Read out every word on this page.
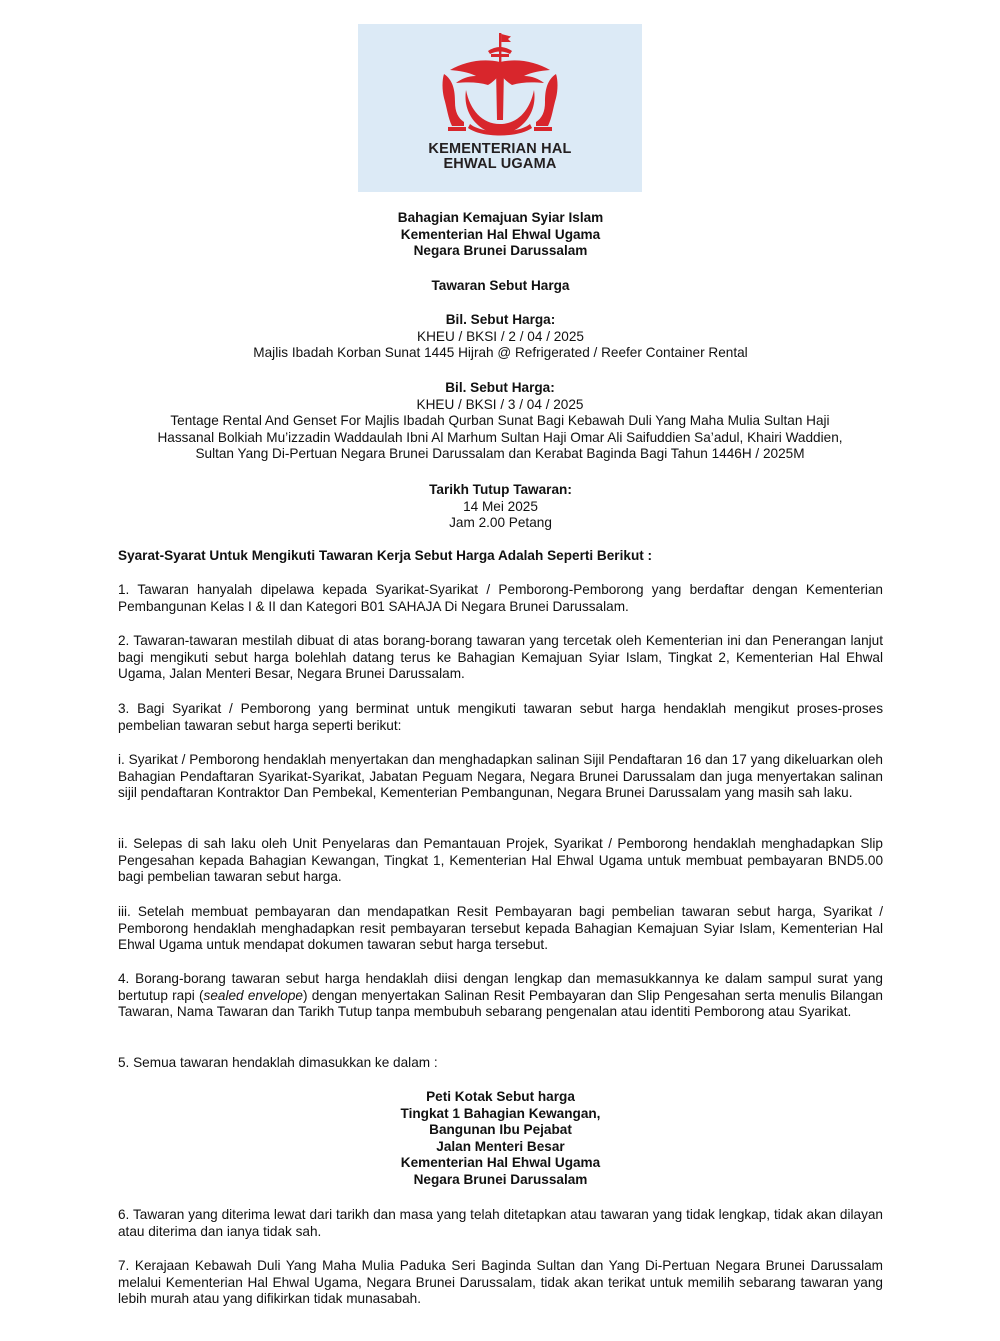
KEMENTERIAN HAL
EHWAL UGAMA
Bahagian Kemajuan Syiar Islam
Kementerian Hal Ehwal Ugama
Negara Brunei Darussalam
Tawaran Sebut Harga
Bil. Sebut Harga:
KHEU / BKSI / 2 / 04 / 2025
Majlis Ibadah Korban Sunat 1445 Hijrah @ Refrigerated / Reefer Container Rental
Bil. Sebut Harga:
KHEU / BKSI / 3 / 04 / 2025
Tentage Rental And Genset For Majlis Ibadah Qurban Sunat Bagi Kebawah Duli Yang Maha Mulia Sultan Haji
Hassanal Bolkiah Mu’izzadin Waddaulah Ibni Al Marhum Sultan Haji Omar Ali Saifuddien Sa’adul, Khairi Waddien,
Sultan Yang Di-Pertuan Negara Brunei Darussalam dan Kerabat Baginda Bagi Tahun 1446H / 2025M
Tarikh Tutup Tawaran:
14 Mei 2025
Jam 2.00 Petang
Syarat-Syarat Untuk Mengikuti Tawaran Kerja Sebut Harga Adalah Seperti Berikut :

1. Tawaran hanyalah dipelawa kepada Syarikat-Syarikat / Pemborong-Pemborong yang berdaftar dengan Kementerian Pembangunan Kelas I & II dan Kategori B01 SAHAJA Di Negara Brunei Darussalam.

2. Tawaran-tawaran mestilah dibuat di atas borang-borang tawaran yang tercetak oleh Kementerian ini dan Penerangan lanjut bagi mengikuti sebut harga bolehlah datang terus ke Bahagian Kemajuan Syiar Islam, Tingkat 2, Kementerian Hal Ehwal Ugama, Jalan Menteri Besar, Negara Brunei Darussalam.

3. Bagi Syarikat / Pemborong yang berminat untuk mengikuti tawaran sebut harga hendaklah mengikut proses-proses pembelian tawaran sebut harga seperti berikut:

i. Syarikat / Pemborong hendaklah menyertakan dan menghadapkan salinan Sijil Pendaftaran 16 dan 17 yang dikeluarkan oleh Bahagian Pendaftaran Syarikat-Syarikat, Jabatan Peguam Negara, Negara Brunei Darussalam dan juga menyertakan salinan sijil pendaftaran Kontraktor Dan Pembekal, Kementerian Pembangunan, Negara Brunei Darussalam yang masih sah laku.

ii. Selepas di sah laku oleh Unit Penyelaras dan Pemantauan Projek, Syarikat / Pemborong hendaklah menghadapkan Slip Pengesahan kepada Bahagian Kewangan, Tingkat 1, Kementerian Hal Ehwal Ugama untuk membuat pembayaran BND5.00 bagi pembelian tawaran sebut harga.

iii. Setelah membuat pembayaran dan mendapatkan Resit Pembayaran bagi pembelian tawaran sebut harga, Syarikat / Pemborong hendaklah menghadapkan resit pembayaran tersebut kepada Bahagian Kemajuan Syiar Islam, Kementerian Hal Ehwal Ugama untuk mendapat dokumen tawaran sebut harga tersebut.

4. Borang-borang tawaran sebut harga hendaklah diisi dengan lengkap dan memasukkannya ke dalam sampul surat yang bertutup rapi (sealed envelope) dengan menyertakan Salinan Resit Pembayaran dan Slip Pengesahan serta menulis Bilangan Tawaran, Nama Tawaran dan Tarikh Tutup tanpa membubuh sebarang pengenalan atau identiti Pemborong atau Syarikat.

5. Semua tawaran hendaklah dimasukkan ke dalam :

Peti Kotak Sebut harga
Tingkat 1 Bahagian Kewangan,
Bangunan Ibu Pejabat
Jalan Menteri Besar
Kementerian Hal Ehwal Ugama
Negara Brunei Darussalam

6. Tawaran yang diterima lewat dari tarikh dan masa yang telah ditetapkan atau tawaran yang tidak lengkap, tidak akan dilayan atau diterima dan ianya tidak sah.

7. Kerajaan Kebawah Duli Yang Maha Mulia Paduka Seri Baginda Sultan dan Yang Di-Pertuan Negara Brunei Darussalam melalui Kementerian Hal Ehwal Ugama, Negara Brunei Darussalam, tidak akan terikat untuk memilih sebarang tawaran yang lebih murah atau yang difikirkan tidak munasabah.
